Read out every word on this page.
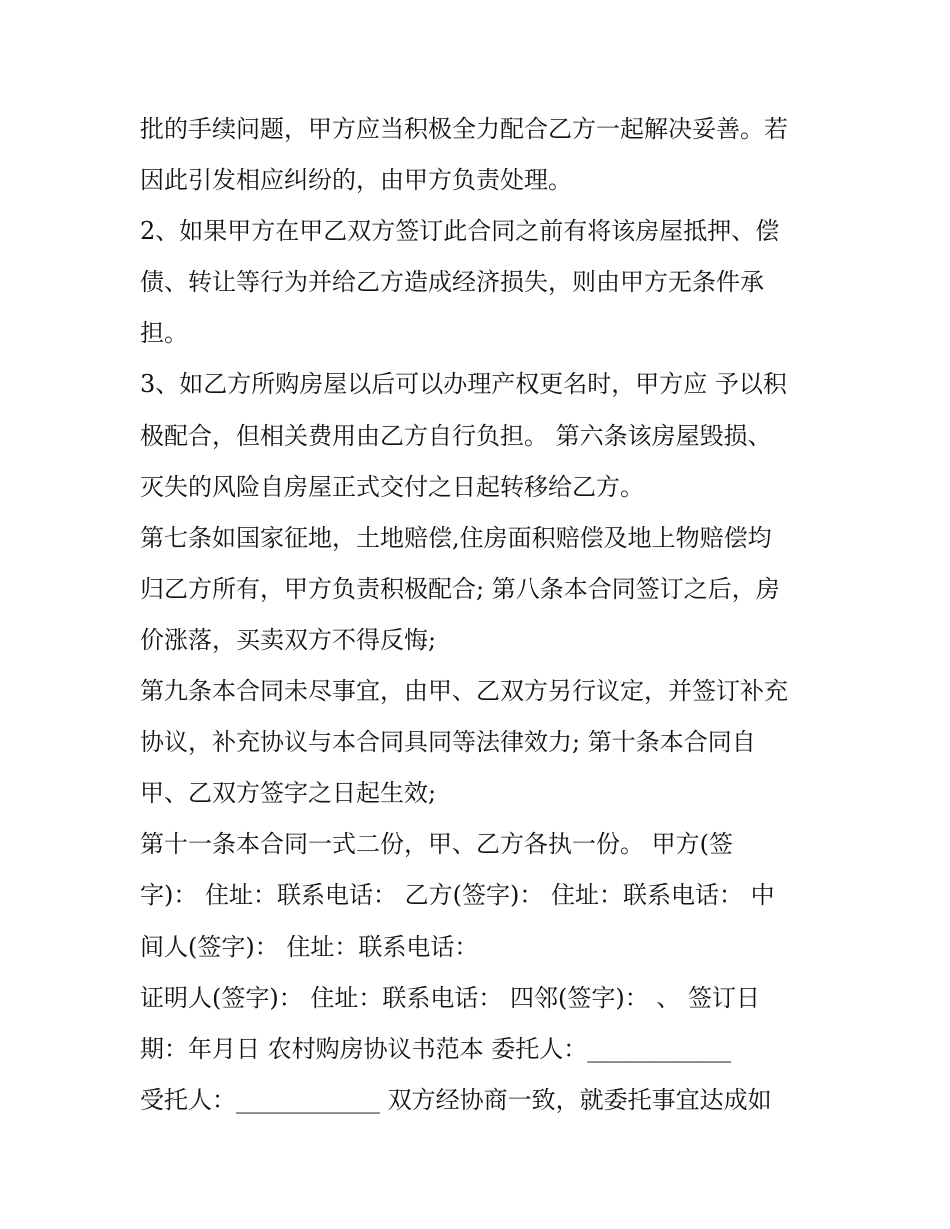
批的手续问题，甲方应当积极全力配合乙方一起解决妥善。若
因此引发相应纠纷的，由甲方负责处理。
2、如果甲方在甲乙双方签订此合同之前有将该房屋抵押、偿
债、转让等行为并给乙方造成经济损失，则由甲方无条件承
担。
3、如乙方所购房屋以后可以办理产权更名时，甲方应 予以积
极配合，但相关费用由乙方自行负担。 第六条该房屋毁损、
灭失的风险自房屋正式交付之日起转移给乙方。
第七条如国家征地，土地赔偿,住房面积赔偿及地上物赔偿均
归乙方所有，甲方负责积极配合; 第八条本合同签订之后，房
价涨落，买卖双方不得反悔;
第九条本合同未尽事宜，由甲、乙双方另行议定，并签订补充
协议，补充协议与本合同具同等法律效力; 第十条本合同自
甲、乙双方签字之日起生效;
第十一条本合同一式二份，甲、乙方各执一份。 甲方(签
字)： 住址：联系电话： 乙方(签字)： 住址：联系电话： 中
间人(签字)： 住址：联系电话：
证明人(签字)： 住址：联系电话： 四邻(签字)： 、 签订日
期：年月日 农村购房协议书范本 委托人：____________
受托人：____________ 双方经协商一致，就委托事宜达成如
